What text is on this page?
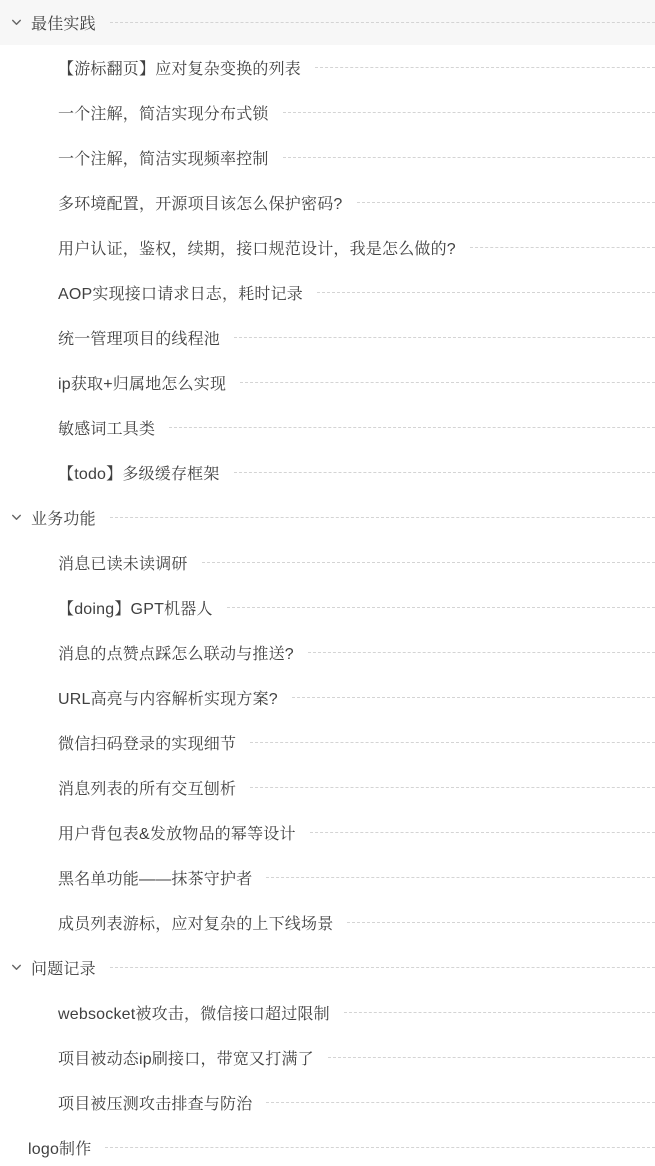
最佳实践
【游标翻页】应对复杂变换的列表
一个注解，简洁实现分布式锁
一个注解，简洁实现频率控制
多环境配置，开源项目该怎么保护密码?
用户认证，鉴权，续期，接口规范设计，我是怎么做的?
AOP实现接口请求日志，耗时记录
统一管理项目的线程池
ip获取+归属地怎么实现
敏感词工具类
【todo】多级缓存框架
业务功能
消息已读未读调研
【doing】GPT机器人
消息的点赞点踩怎么联动与推送?
URL高亮与内容解析实现方案?
微信扫码登录的实现细节
消息列表的所有交互刨析
用户背包表&发放物品的幂等设计
黑名单功能——抹茶守护者
成员列表游标，应对复杂的上下线场景
问题记录
websocket被攻击，微信接口超过限制
项目被动态ip刷接口，带宽又打满了
项目被压测攻击排查与防治
logo制作
